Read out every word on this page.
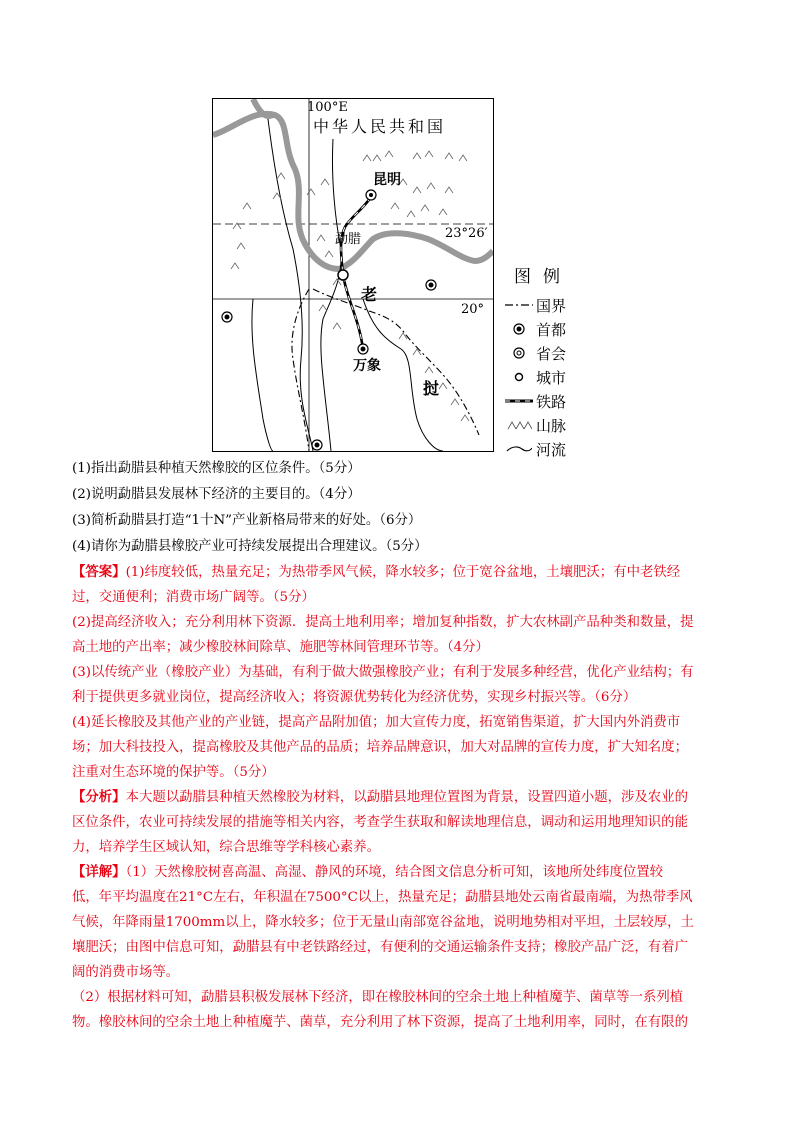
100°E
中华人民共和国
昆明
23°26′
勐腊
老
20°
万象
挝
图例
国界
首都
省会
城市
铁路
山脉
河流
(1)指出勐腊县种植天然橡胶的区位条件。（5分）
(2)说明勐腊县发展林下经济的主要目的。（4分）
(3)简析勐腊县打造“1十N”产业新格局带来的好处。（6分）
(4)请你为勐腊县橡胶产业可持续发展提出合理建议。（5分）
【答案】(1)纬度较低，热量充足；为热带季风气候，降水较多；位于宽谷盆地，土壤肥沃；有中老铁经
过，交通便利；消费市场广阔等。（5分）
(2)提高经济收入；充分利用林下资源．提高土地利用率；增加复种指数，扩大农林副产品种类和数量，提
高土地的产出率；减少橡胶林间除草、施肥等林间管理环节等。（4分）
(3)以传统产业（橡胶产业）为基础，有利于做大做强橡胶产业；有利于发展多种经营，优化产业结构；有
利于提供更多就业岗位，提高经济收入；将资源优势转化为经济优势，实现乡村振兴等。（6分）
(4)延长橡胶及其他产业的产业链，提高产品附加值；加大宣传力度，拓宽销售渠道，扩大国内外消费市
场；加大科技投入，提高橡胶及其他产品的品质；培养品牌意识，加大对品牌的宣传力度，扩大知名度；
注重对生态环境的保护等。（5分）
【分析】本大题以勐腊县种植天然橡胶为材料，以勐腊县地理位置图为背景，设置四道小题，涉及农业的
区位条件，农业可持续发展的措施等相关内容，考查学生获取和解读地理信息，调动和运用地理知识的能
力，培养学生区域认知，综合思维等学科核心素养。
【详解】（1）天然橡胶树喜高温、高湿、静风的环境，结合图文信息分析可知，该地所处纬度位置较
低，年平均温度在21°C左右，年积温在7500°C以上，热量充足；勐腊县地处云南省最南端，为热带季风
气候，年降雨量1700mm以上，降水较多；位于无量山南部宽谷盆地，说明地势相对平坦，土层较厚，土
壤肥沃；由图中信息可知，勐腊县有中老铁路经过，有便利的交通运输条件支持；橡胶产品广泛，有着广
阔的消费市场等。
（2）根据材料可知，勐腊县积极发展林下经济，即在橡胶林间的空余土地上种植魔芋、菌草等一系列植
物。橡胶林间的空余土地上种植魔芋、菌草，充分利用了林下资源，提高了土地利用率，同时，在有限的
